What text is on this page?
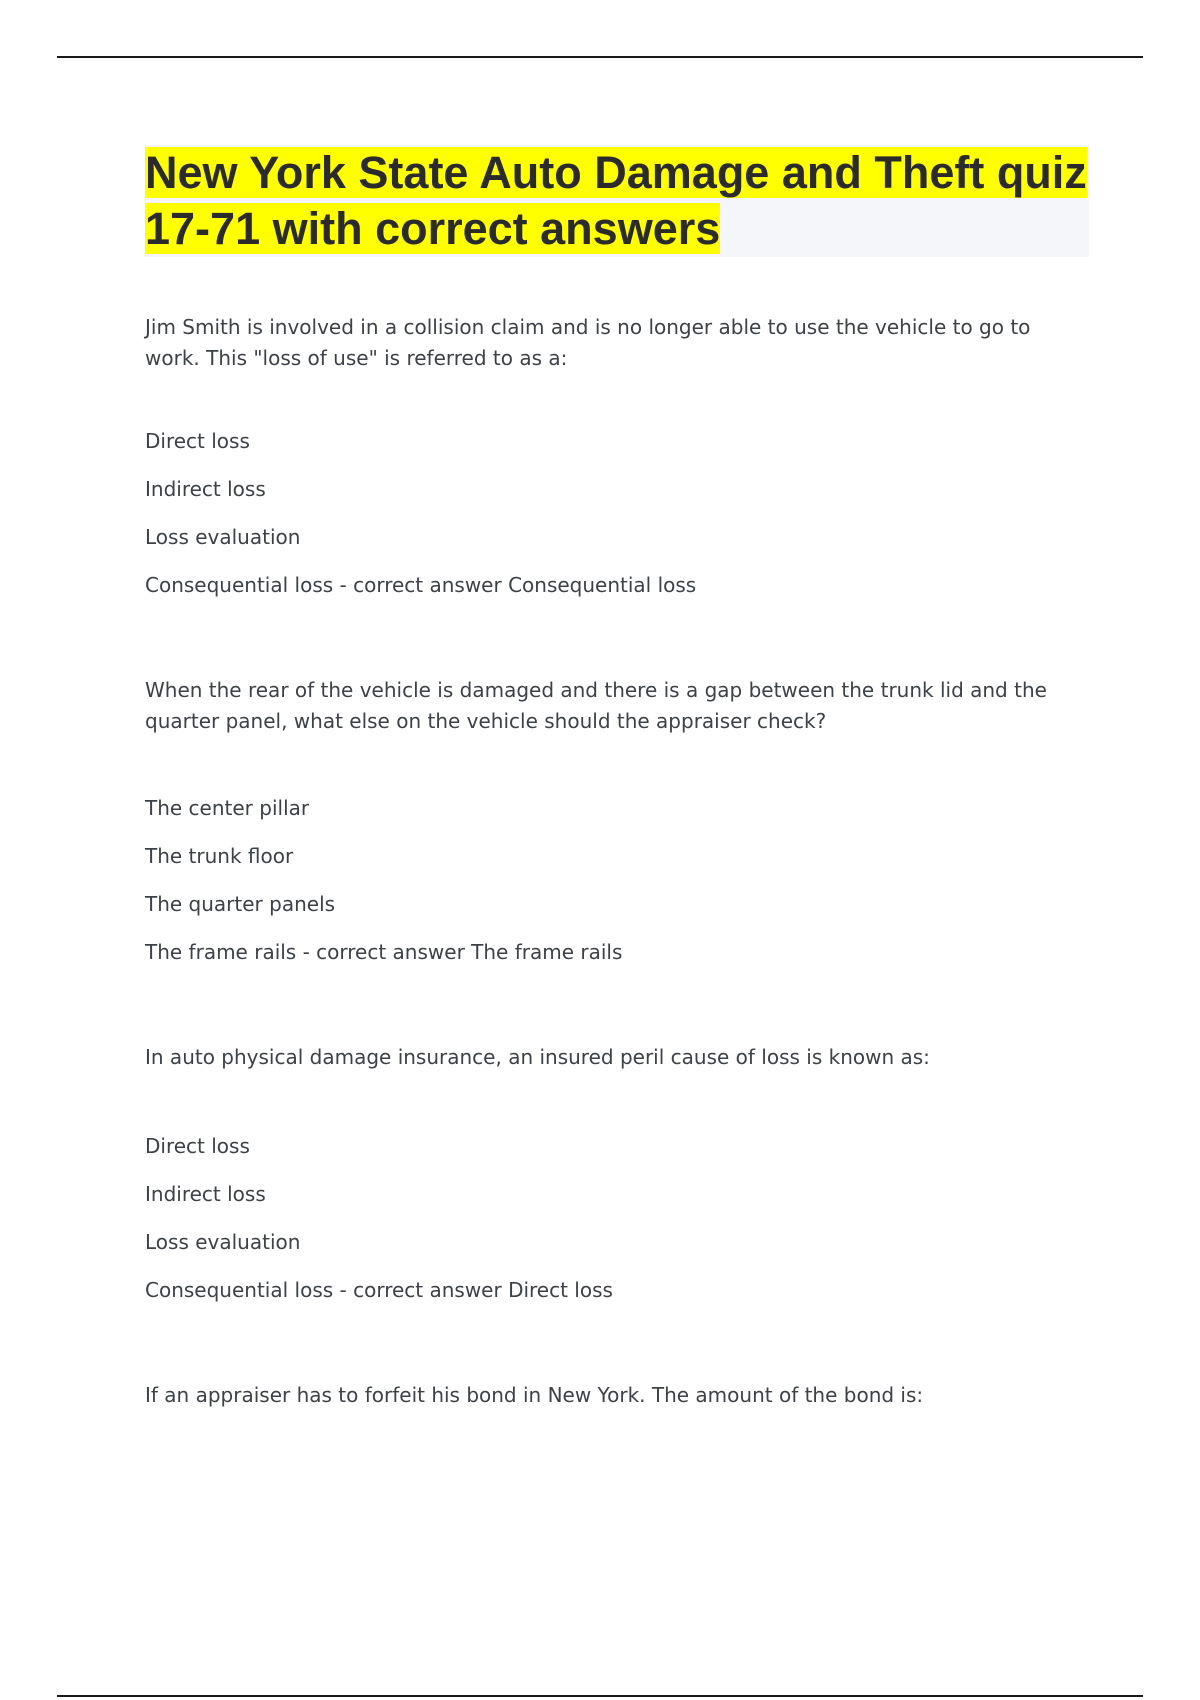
New York State Auto Damage and Theft quiz 17-71 with correct answers

Jim Smith is involved in a collision claim and is no longer able to use the vehicle to go to work. This "loss of use" is referred to as a:

Direct loss

Indirect loss

Loss evaluation

Consequential loss - correct answer Consequential loss

When the rear of the vehicle is damaged and there is a gap between the trunk lid and the quarter panel, what else on the vehicle should the appraiser check?

The center pillar

The trunk floor

The quarter panels

The frame rails - correct answer The frame rails

In auto physical damage insurance, an insured peril cause of loss is known as:

Direct loss

Indirect loss

Loss evaluation

Consequential loss - correct answer Direct loss

If an appraiser has to forfeit his bond in New York. The amount of the bond is:
